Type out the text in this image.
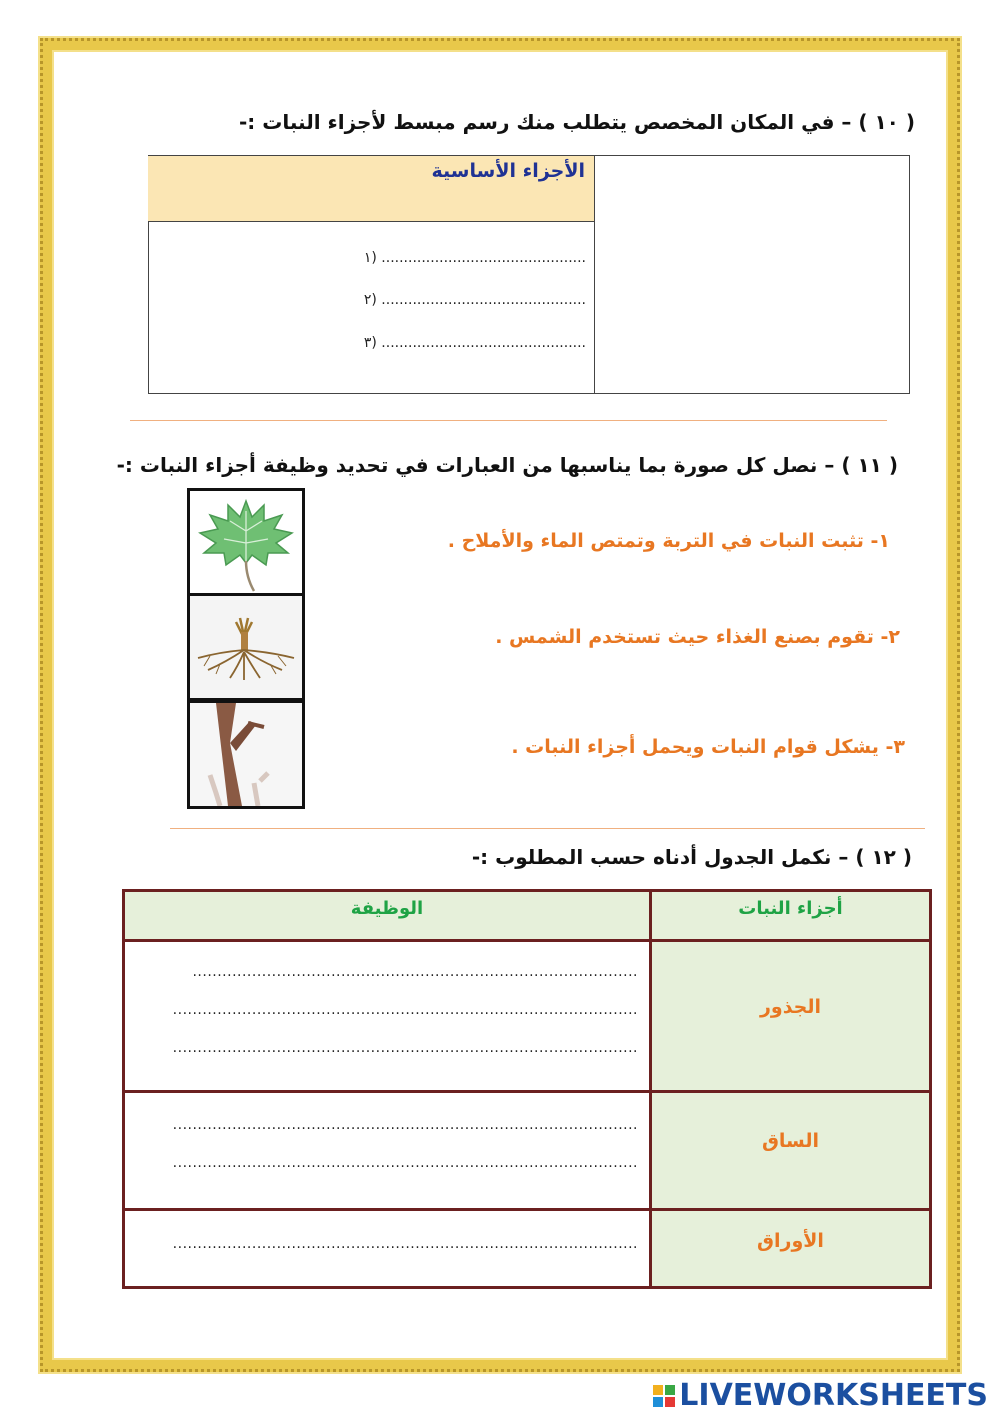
( ١٠ ) – في المكان المخصص يتطلب منك رسم مبسط لأجزاء النبات :-
الأجزاء الأساسية
١) ..............................................
٢) ..............................................
٣) ..............................................
( ١١ ) – نصل كل صورة بما يناسبها من العبارات في تحديد وظيفة أجزاء النبات :-
١- تثبت النبات في التربة وتمتص الماء والأملاح .
٢- تقوم بصنع الغذاء حيث تستخدم الشمس .
٣- يشكل قوام النبات ويحمل أجزاء النبات .
( ١٢ ) – نكمل الجدول أدناه حسب المطلوب :-
أجزاء النبات
الوظيفة
الجذور
الساق
الأوراق
..........................................................................................
..............................................................................................
..............................................................................................
..............................................................................................
..............................................................................................
..............................................................................................
LIVEWORKSHEETS
